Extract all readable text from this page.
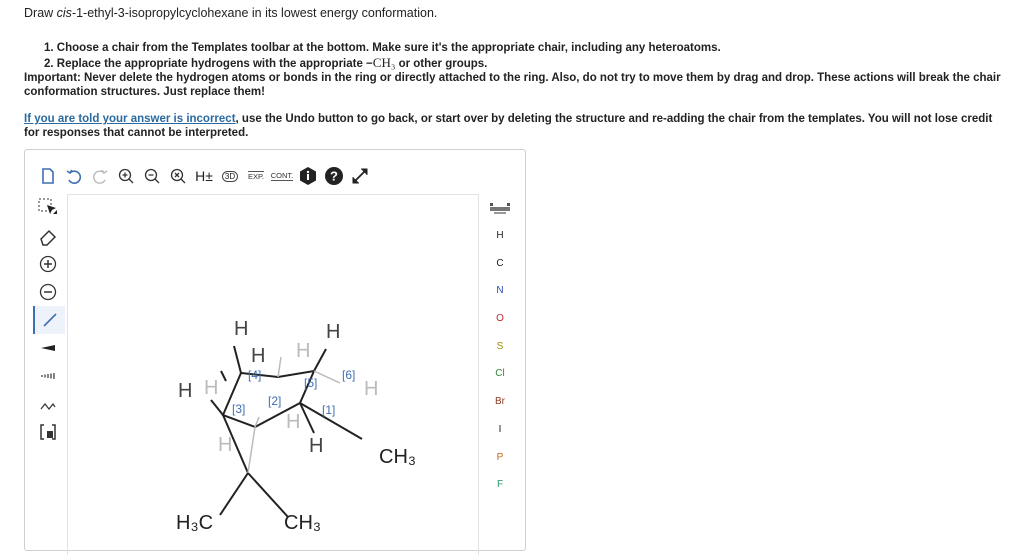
Draw cis-1-ethyl-3-isopropylcyclohexane in its lowest energy conformation.
1. Choose a chair from the Templates toolbar at the bottom. Make sure it's the appropriate chair, including any heteroatoms.
2. Replace the appropriate hydrogens with the appropriate −CH₃ or other groups.
Important: Never delete the hydrogen atoms or bonds in the ring or directly attached to the ring. Also, do not try to move them by drag and drop. These actions will break the chair conformation structures. Just replace them!
If you are told your answer is incorrect, use the Undo button to go back, or start over by deleting the structure and re-adding the chair from the templates. You will not lose credit for responses that cannot be interpreted.
H±	3D	EXP. CONT.	?
H	H
H
H
H
H
H	H
H
H
CH₃
H₃C	CH₃
[1]
[2]
[3]
[4]
[5]
[6]
H
C
N
O
S
Cl
Br
I
P
F
